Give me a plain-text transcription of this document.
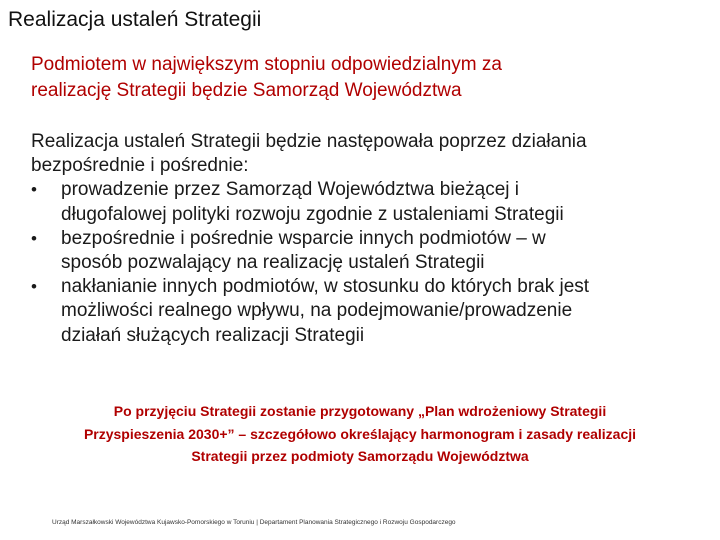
Realizacja ustaleń Strategii
Podmiotem w największym stopniu odpowiedzialnym za
realizację Strategii będzie Samorząd Województwa
Realizacja ustaleń Strategii będzie następowała poprzez działania
bezpośrednie i pośrednie:
•	prowadzenie przez Samorząd Województwa bieżącej i
długofalowej polityki rozwoju zgodnie z ustaleniami Strategii
•	bezpośrednie i pośrednie wsparcie innych podmiotów – w
sposób pozwalający na realizację ustaleń Strategii
•	nakłanianie innych podmiotów, w stosunku do których brak jest
możliwości realnego wpływu, na podejmowanie/prowadzenie
działań służących realizacji Strategii
Po przyjęciu Strategii zostanie przygotowany „Plan wdrożeniowy Strategii
Przyspieszenia 2030+” – szczegółowo określający harmonogram i zasady realizacji
Strategii przez podmioty Samorządu Województwa
Urząd Marszałkowski Województwa Kujawsko-Pomorskiego w Toruniu | Departament Planowania Strategicznego i Rozwoju Gospodarczego
